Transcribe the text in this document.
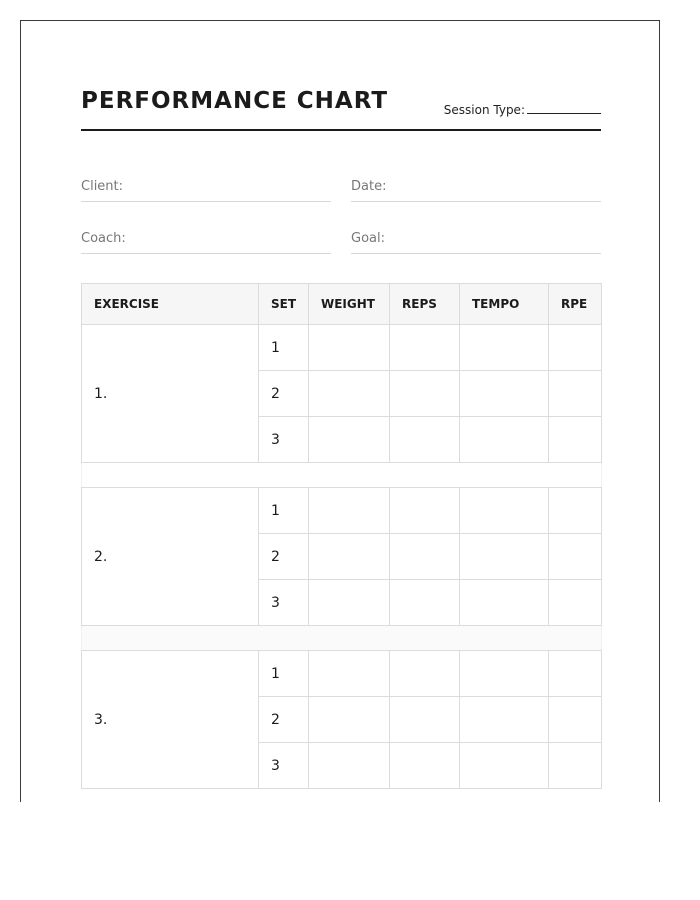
PERFORMANCE CHART	Session Type:
Client:	Date:
Coach:	Goal:
EXERCISE	SET	WEIGHT	REPS	TEMPO	RPE
1.	1				
	2				
	3				

2.	1				
	2				
	3				

3.	1				
	2				
	3				
